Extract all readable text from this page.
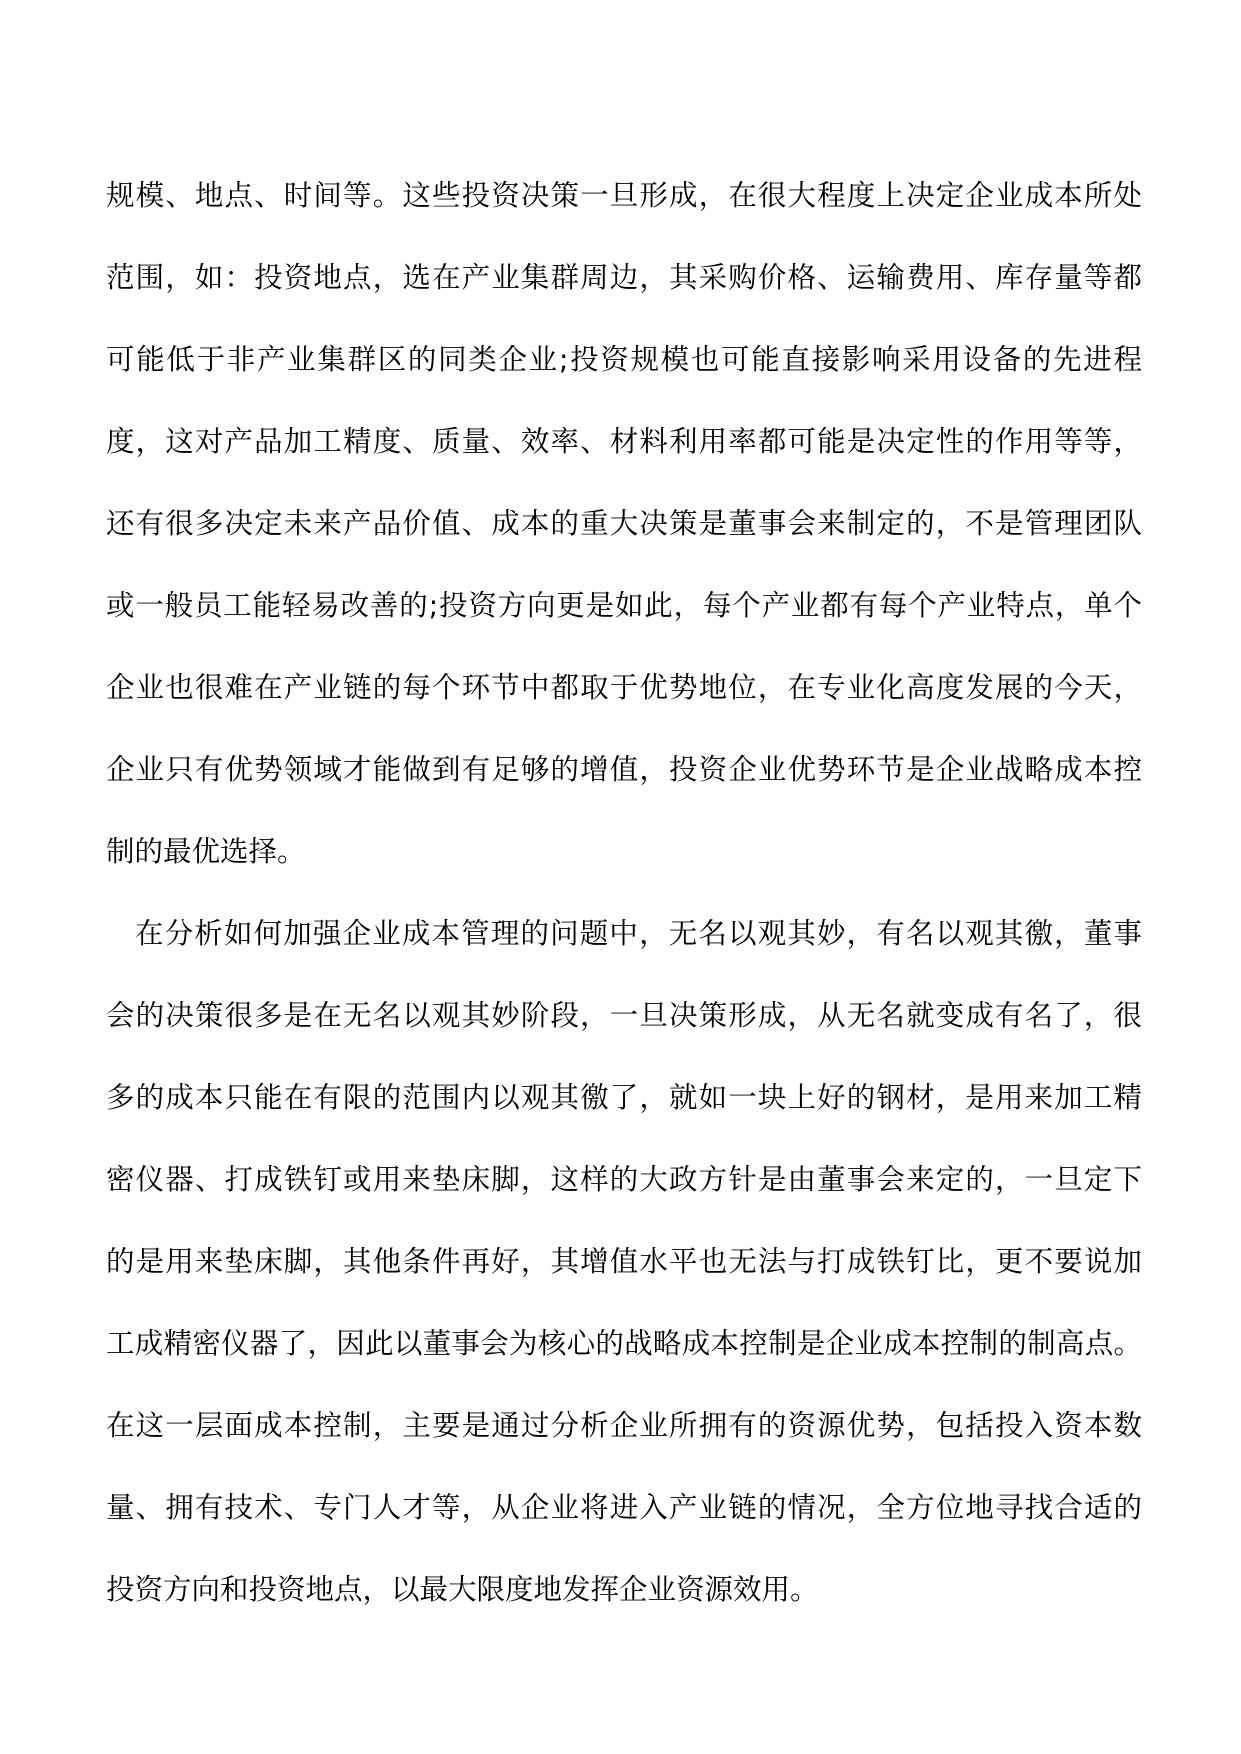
规模、地点、时间等。这些投资决策一旦形成，在很大程度上决定企业成本所处
范围，如：投资地点，选在产业集群周边，其采购价格、运输费用、库存量等都
可能低于非产业集群区的同类企业;投资规模也可能直接影响采用设备的先进程
度，这对产品加工精度、质量、效率、材料利用率都可能是决定性的作用等等，
还有很多决定未来产品价值、成本的重大决策是董事会来制定的，不是管理团队
或一般员工能轻易改善的;投资方向更是如此，每个产业都有每个产业特点，单个
企业也很难在产业链的每个环节中都取于优势地位，在专业化高度发展的今天，
企业只有优势领域才能做到有足够的增值，投资企业优势环节是企业战略成本控
制的最优选择。
在分析如何加强企业成本管理的问题中，无名以观其妙，有名以观其徼，董事
会的决策很多是在无名以观其妙阶段，一旦决策形成，从无名就变成有名了，很
多的成本只能在有限的范围内以观其徼了，就如一块上好的钢材，是用来加工精
密仪器、打成铁钉或用来垫床脚，这样的大政方针是由董事会来定的，一旦定下
的是用来垫床脚，其他条件再好，其增值水平也无法与打成铁钉比，更不要说加
工成精密仪器了，因此以董事会为核心的战略成本控制是企业成本控制的制高点。
在这一层面成本控制，主要是通过分析企业所拥有的资源优势，包括投入资本数
量、拥有技术、专门人才等，从企业将进入产业链的情况，全方位地寻找合适的
投资方向和投资地点，以最大限度地发挥企业资源效用。
